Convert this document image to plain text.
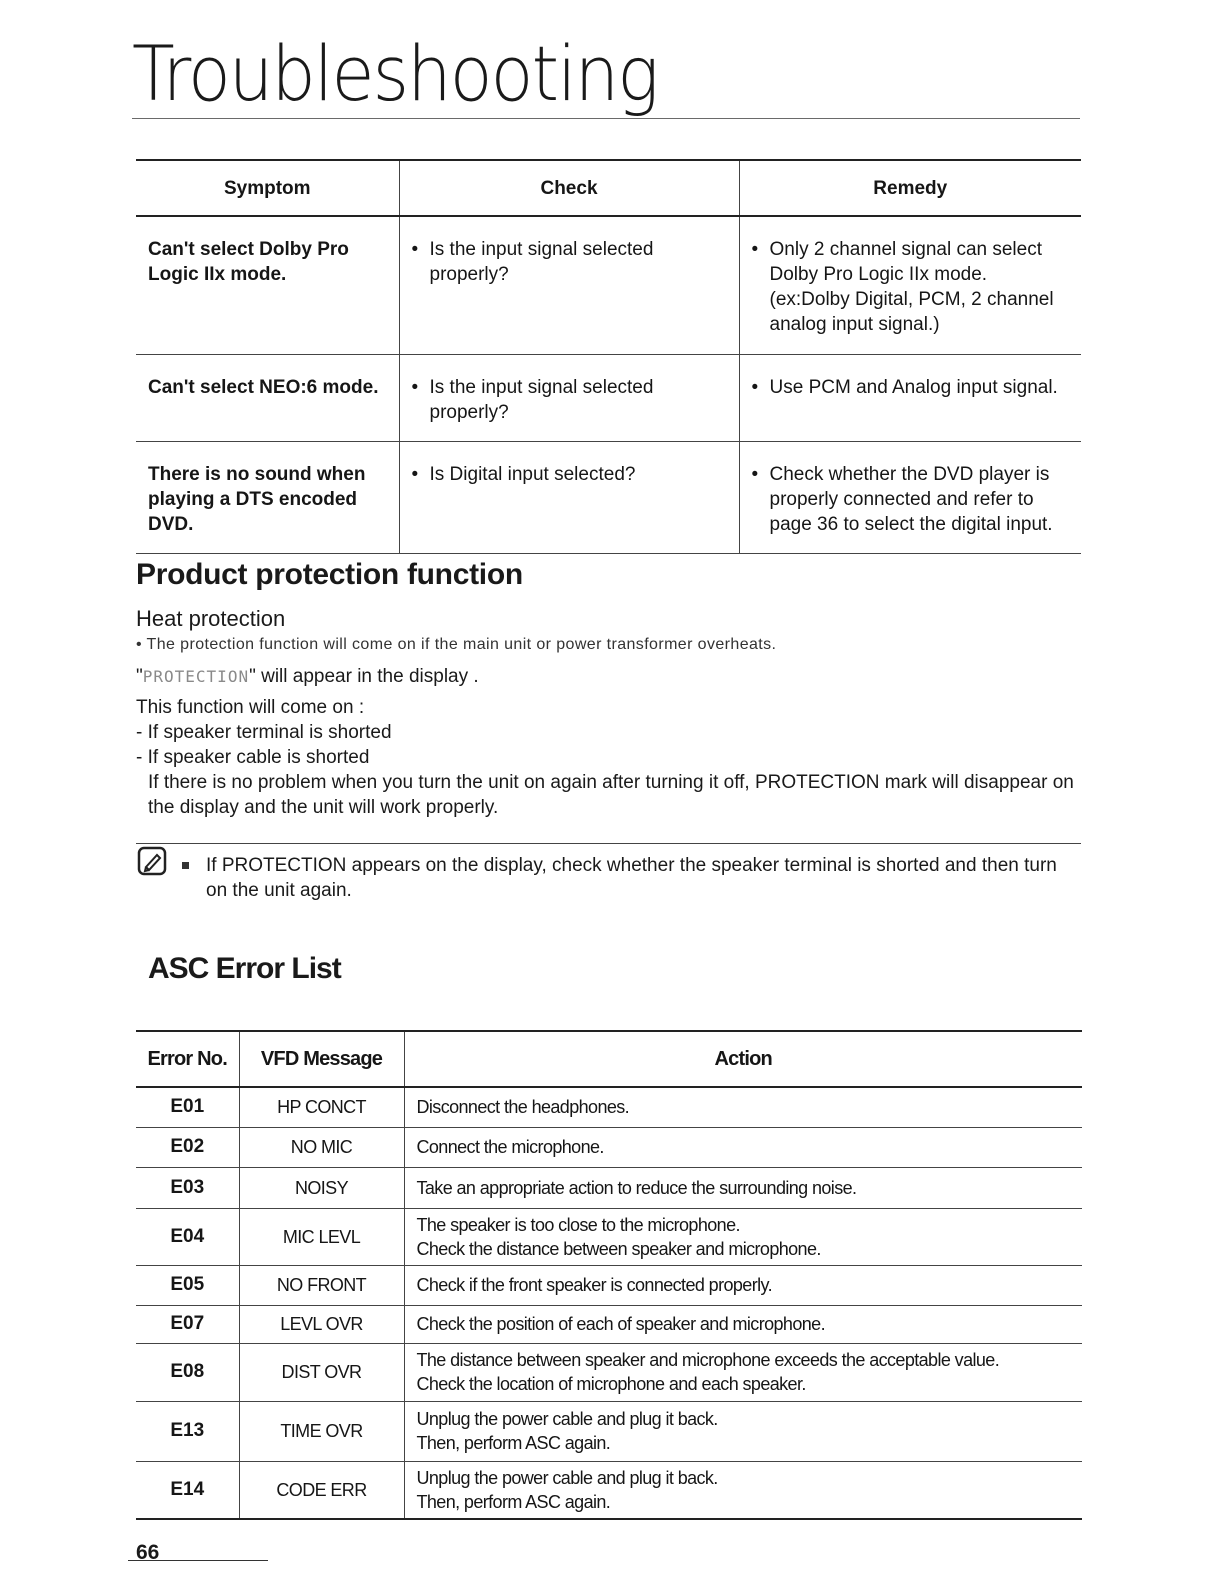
Troubleshooting
Symptom	Check	Remedy
Can't select Dolby Pro Logic IIx mode.	• Is the input signal selected properly?	• Only 2 channel signal can select Dolby Pro Logic IIx mode. (ex:Dolby Digital, PCM, 2 channel analog input signal.)

Can't select NEO:6 mode.	• Is the input signal selected properly?	• Use PCM and Analog input signal.

There is no sound when playing a DTS encoded DVD.	• Is Digital input selected?	• Check whether the DVD player is properly connected and refer to page 36 to select the digital input.
Product protection function
Heat protection
• The protection function will come on if the main unit or power transformer overheats.
"PROTECTION" will appear in the display .
This function will come on :
- If speaker terminal is shorted
- If speaker cable is shorted
If there is no problem when you turn the unit on again after turning it off, PROTECTION mark will disappear on the display and the unit will work properly.
If PROTECTION appears on the display, check whether the speaker terminal is shorted and then turn on the unit again.
ASC Error List
Error No.	VFD Message	Action
E01	HP CONCT	Disconnect the headphones.

E02	NO MIC	Connect the microphone.

E03	NOISY	Take an appropriate action to reduce the surrounding noise.

E04	MIC LEVL	The speaker is too close to the microphone.
Check the distance between speaker and microphone.

E05	NO FRONT	Check if the front speaker is connected properly.

E07	LEVL OVR	Check the position of each of speaker and microphone.

E08	DIST OVR	The distance between speaker and microphone exceeds the acceptable value.
Check the location of microphone and each speaker.

E13	TIME OVR	Unplug the power cable and plug it back.
Then, perform ASC again.

E14	CODE ERR	Unplug the power cable and plug it back.
Then, perform ASC again.
66
